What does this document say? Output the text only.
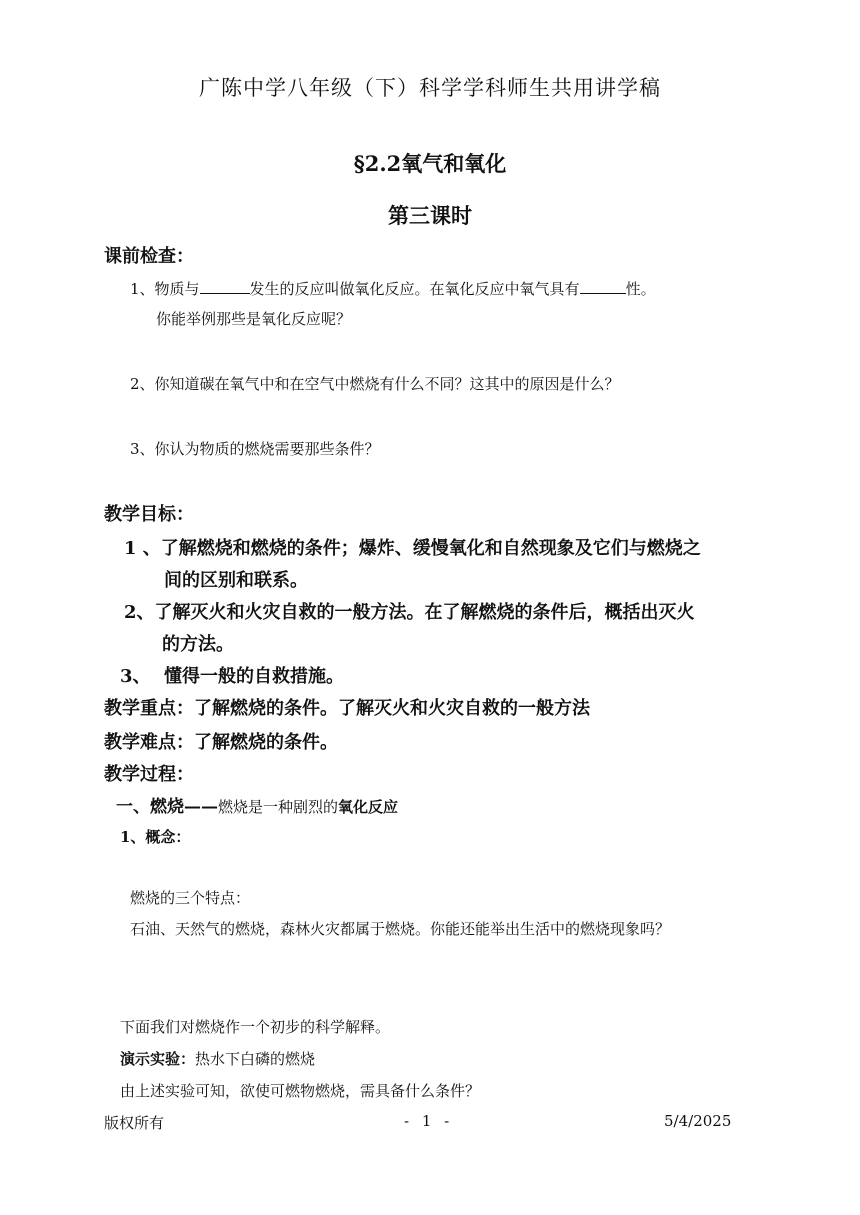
广陈中学八年级（下）科学学科师生共用讲学稿
§2.2氧气和氧化
第三课时
课前检查：
1、物质与	发生的反应叫做氧化反应。在氧化反应中氧气具有	性。
你能举例那些是氧化反应呢？
2、你知道碳在氧气中和在空气中燃烧有什么不同？这其中的原因是什么？
3、你认为物质的燃烧需要那些条件？
教学目标：
1 、了解燃烧和燃烧的条件；爆炸、缓慢氧化和自然现象及它们与燃烧之
间的区别和联系。
2、了解灭火和火灾自救的一般方法。在了解燃烧的条件后，概括出灭火
的方法。
3、 懂得一般的自救措施。
教学重点：了解燃烧的条件。了解灭火和火灾自救的一般方法
教学难点：了解燃烧的条件。
教学过程：
一、燃烧——燃烧是一种剧烈的氧化反应
1、概念：
燃烧的三个特点：
石油、天然气的燃烧，森林火灾都属于燃烧。你能还能举出生活中的燃烧现象吗？
下面我们对燃烧作一个初步的科学解释。
演示实验：热水下白磷的燃烧
由上述实验可知，欲使可燃物燃烧，需具备什么条件？
版权所有	- 1 -	5/4/2025
